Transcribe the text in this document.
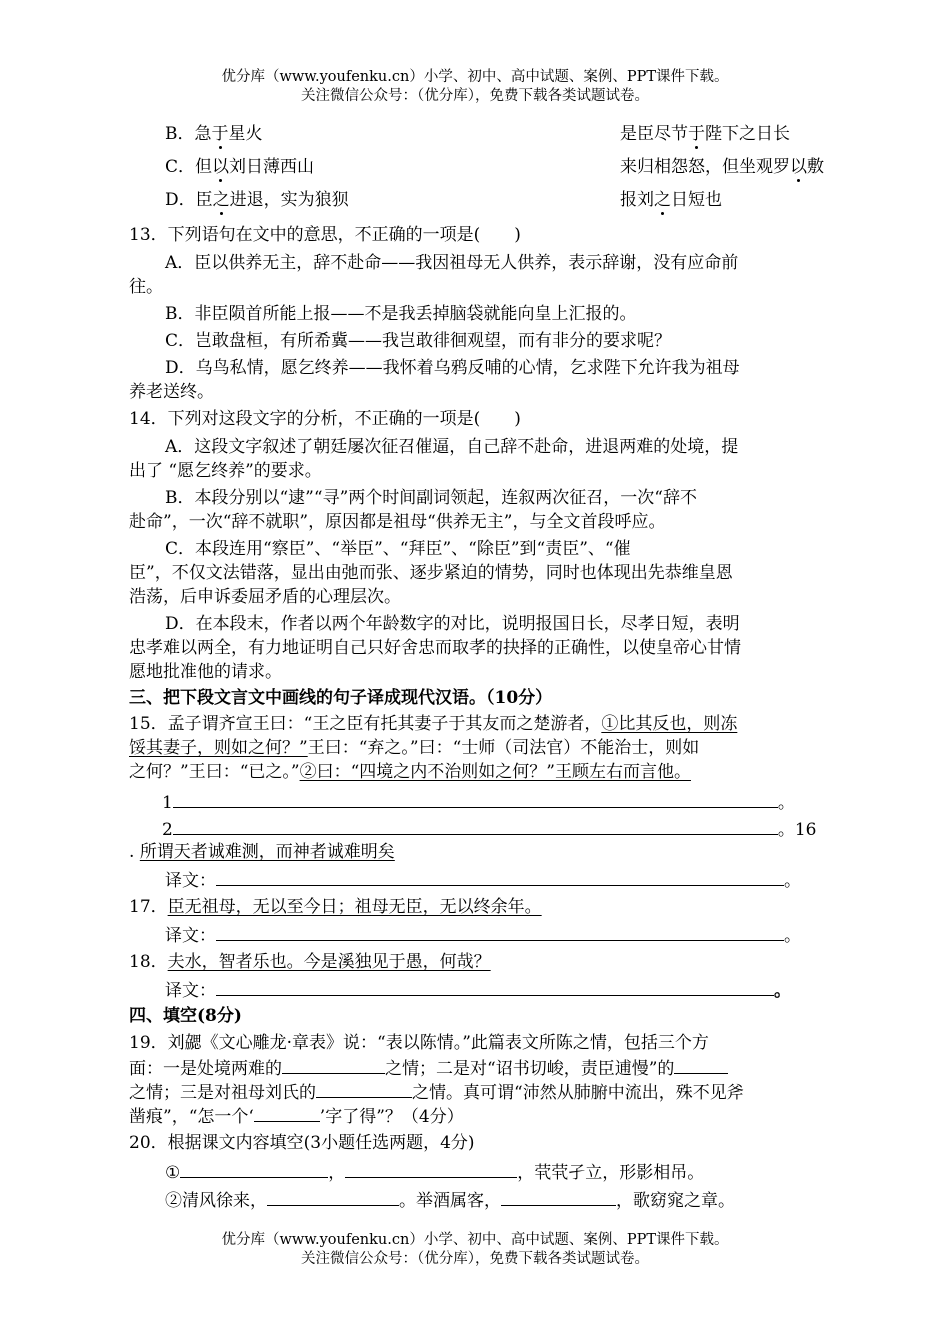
优分库（www.youfenku.cn）小学、初中、高中试题、案例、PPT课件下载。
关注微信公众号：（优分库），免费下载各类试题试卷。
B．急于星火	是臣尽节于陛下之日长
C．但以刘日薄西山	来归相怨怒，但坐观罗以敷
D．臣之进退，实为狼狈	报刘之日短也
13．下列语句在文中的意思，不正确的一项是(　　)
A．臣以供养无主，辞不赴命——我因祖母无人供养，表示辞谢，没有应命前
往。
B．非臣陨首所能上报——不是我丢掉脑袋就能向皇上汇报的。
C．岂敢盘桓，有所希冀——我岂敢徘徊观望，而有非分的要求呢？
D．乌鸟私情，愿乞终养——我怀着乌鸦反哺的心情，乞求陛下允许我为祖母
养老送终。
14．下列对这段文字的分析，不正确的一项是(　　)
A．这段文字叙述了朝廷屡次征召催逼，自己辞不赴命，进退两难的处境，提
出了 “愿乞终养”的要求。
B．本段分别以“逮”“寻”两个时间副词领起，连叙两次征召，一次“辞不
赴命”，一次“辞不就职”，原因都是祖母“供养无主”，与全文首段呼应。
C．本段连用“察臣”、“举臣”、“拜臣”、“除臣”到“责臣”、“催
臣”，不仅文法错落，显出由弛而张、逐步紧迫的情势，同时也体现出先恭维皇恩
浩荡，后申诉委屈矛盾的心理层次。
D．在本段末，作者以两个年龄数字的对比，说明报国日长，尽孝日短，表明
忠孝难以两全，有力地证明自己只好舍忠而取孝的抉择的正确性，以使皇帝心甘情
愿地批准他的请求。
三、把下段文言文中画线的句子译成现代汉语。（10分）
15．孟子谓齐宣王曰：“王之臣有托其妻子于其友而之楚游者，①比其反也，则冻
馁其妻子，则如之何？”王曰：“弃之。”曰：“士师（司法官）不能治士，则如
之何？”王曰：“已之。”②曰：“四境之内不治则如之何？”王顾左右而言他。
1	。
2	。16
. 所谓天者诚难测，而神者诚难明矣
译文：	。
17．臣无祖母，无以至今日；祖母无臣，无以终余年。
译文：	。
18．夫水，智者乐也。今是溪独见于愚，何哉？
译文：	。
四、填空(8分)
19．刘勰《文心雕龙·章表》说：“表以陈情。”此篇表文所陈之情，包括三个方
面：一是处境两难的	之情；二是对“诏书切峻，责臣逋慢”的
之情；三是对祖母刘氏的	之情。真可谓“沛然从肺腑中流出，殊不见斧
凿痕”，“怎一个‘	’字了得”？（4分）
20．根据课文内容填空(3小题任选两题，4分)
①	，	，茕茕孑立，形影相吊。
②清风徐来，	。举酒属客，	，歌窈窕之章。
优分库（www.youfenku.cn）小学、初中、高中试题、案例、PPT课件下载。
关注微信公众号：（优分库），免费下载各类试题试卷。
